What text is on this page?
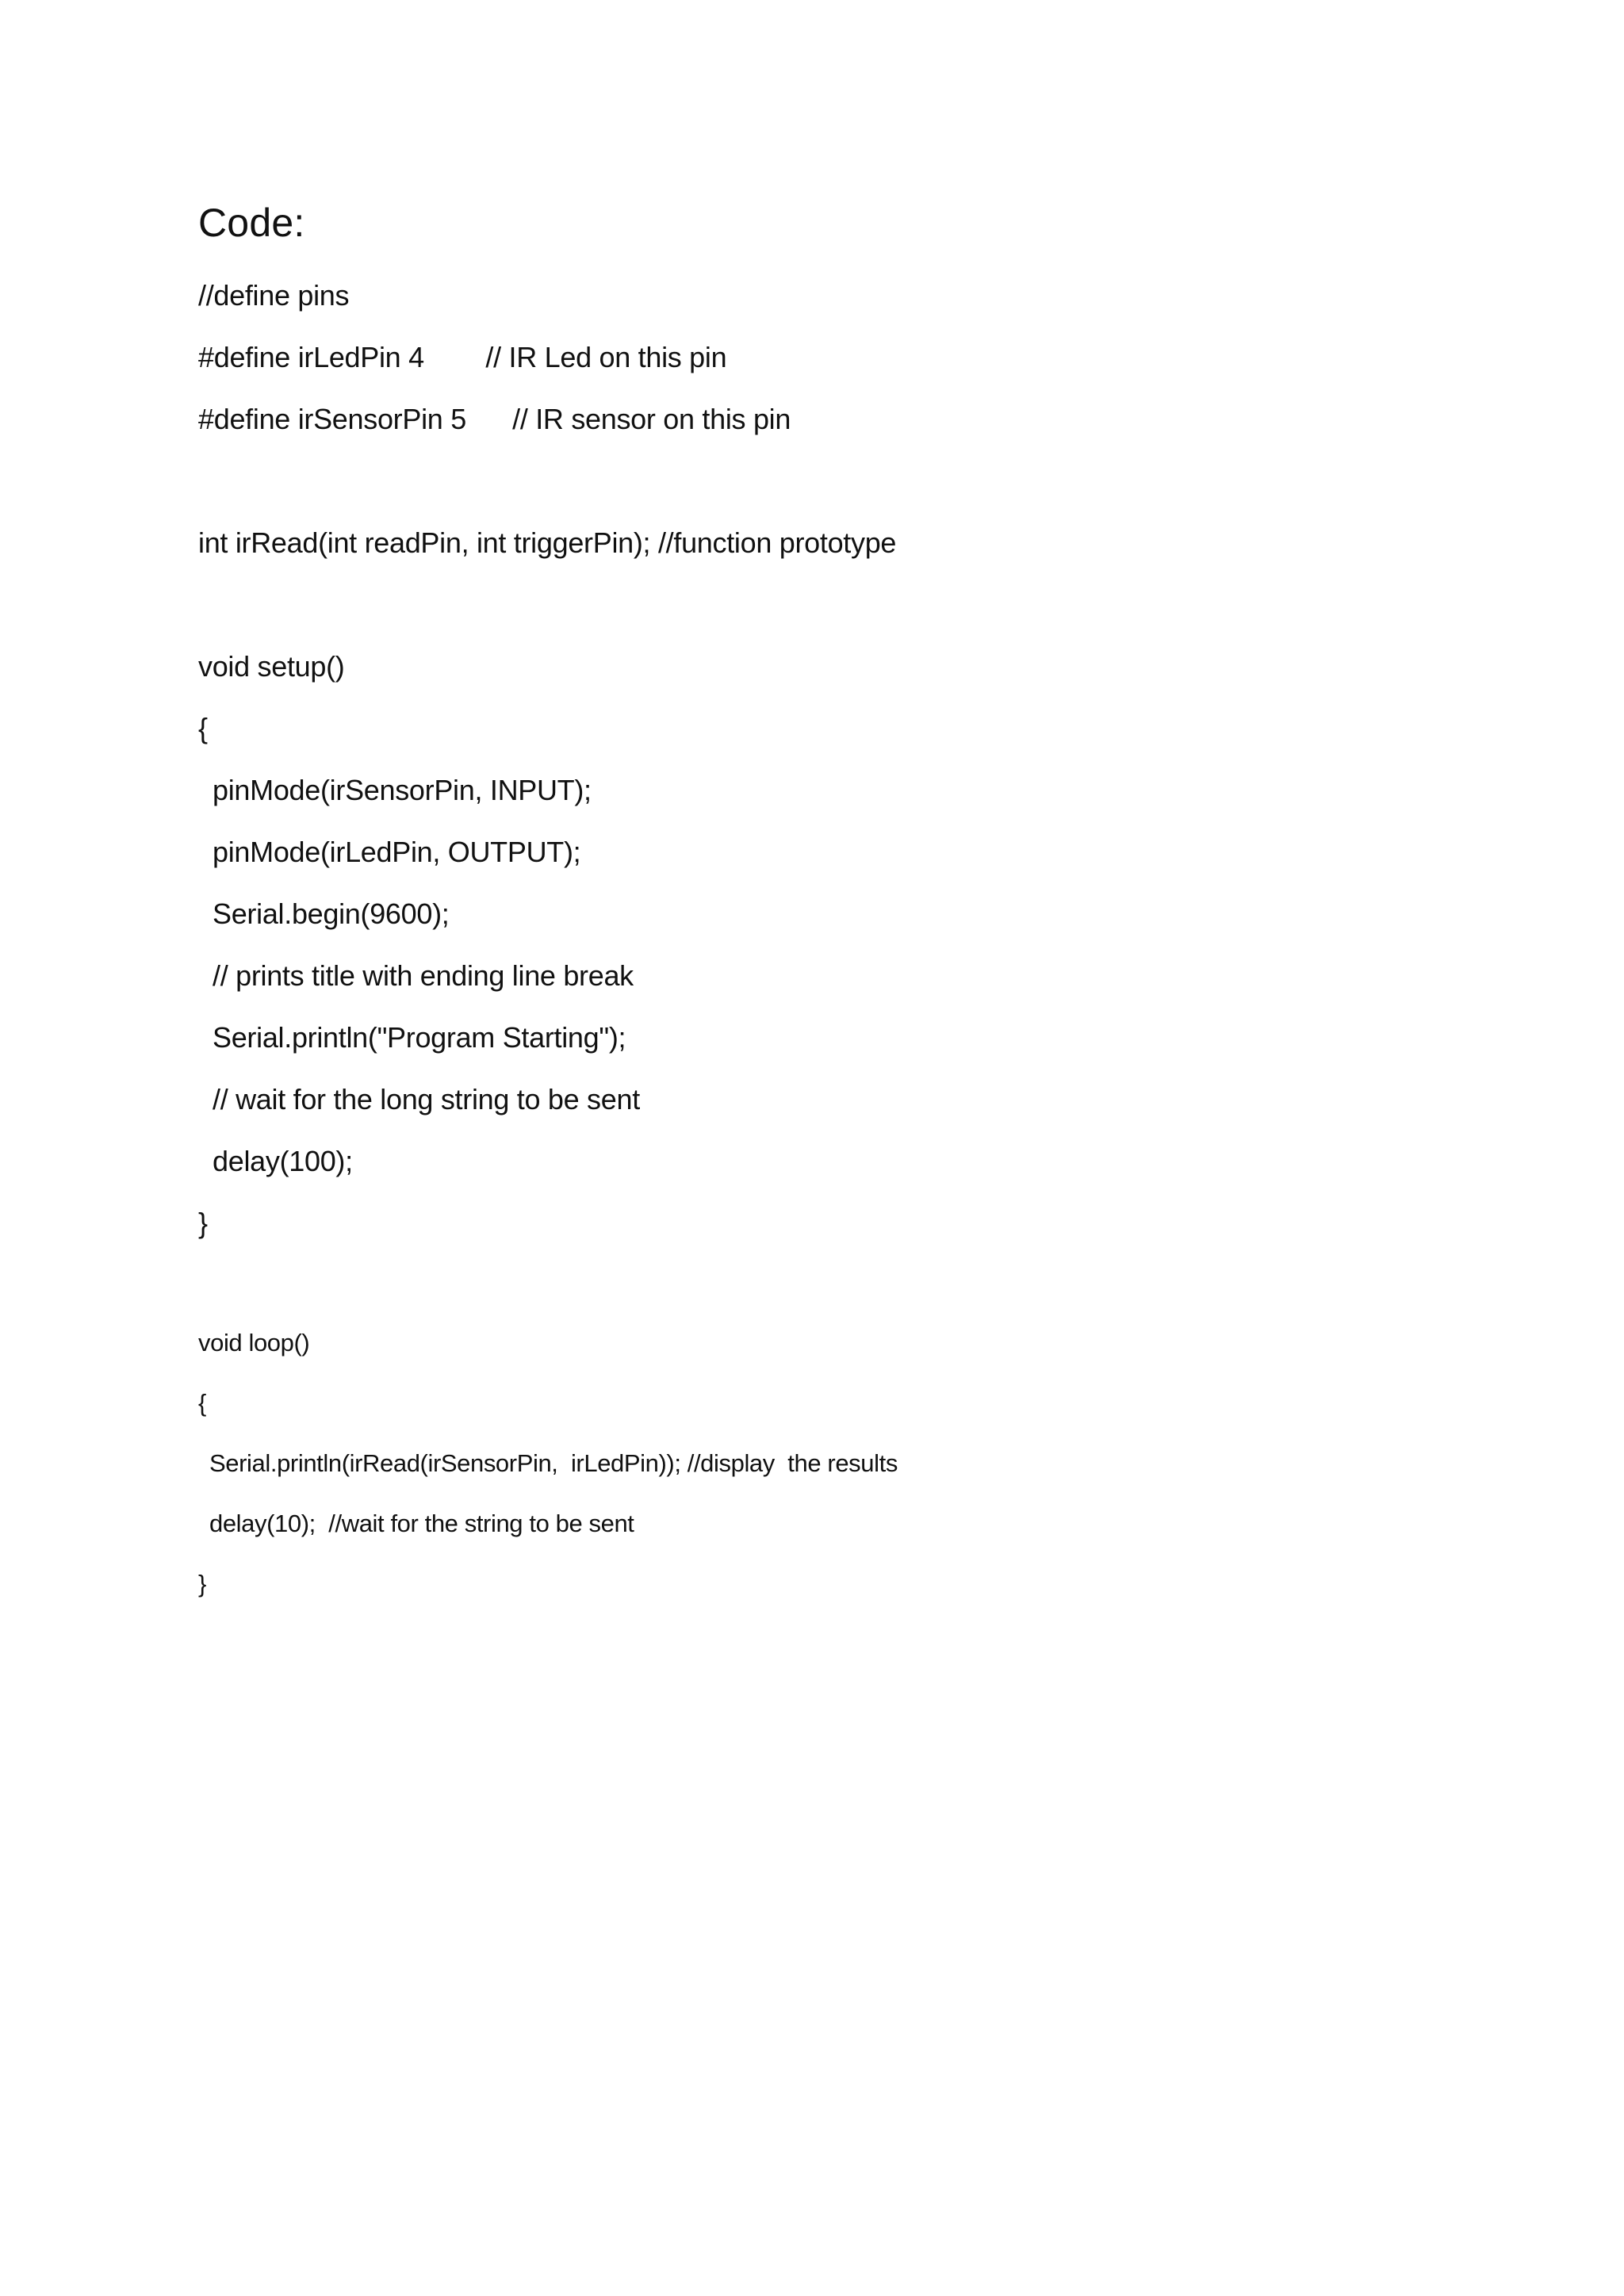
Code:
//define pins
#define irLedPin 4        // IR Led on this pin
#define irSensorPin 5      // IR sensor on this pin
int irRead(int readPin, int triggerPin); //function prototype
void setup()
{
pinMode(irSensorPin, INPUT);
pinMode(irLedPin, OUTPUT);
Serial.begin(9600);
// prints title with ending line break
Serial.println("Program Starting");
// wait for the long string to be sent
delay(100);
}
void loop()
{
Serial.println(irRead(irSensorPin,  irLedPin)); //display  the results
delay(10);  //wait for the string to be sent
}
